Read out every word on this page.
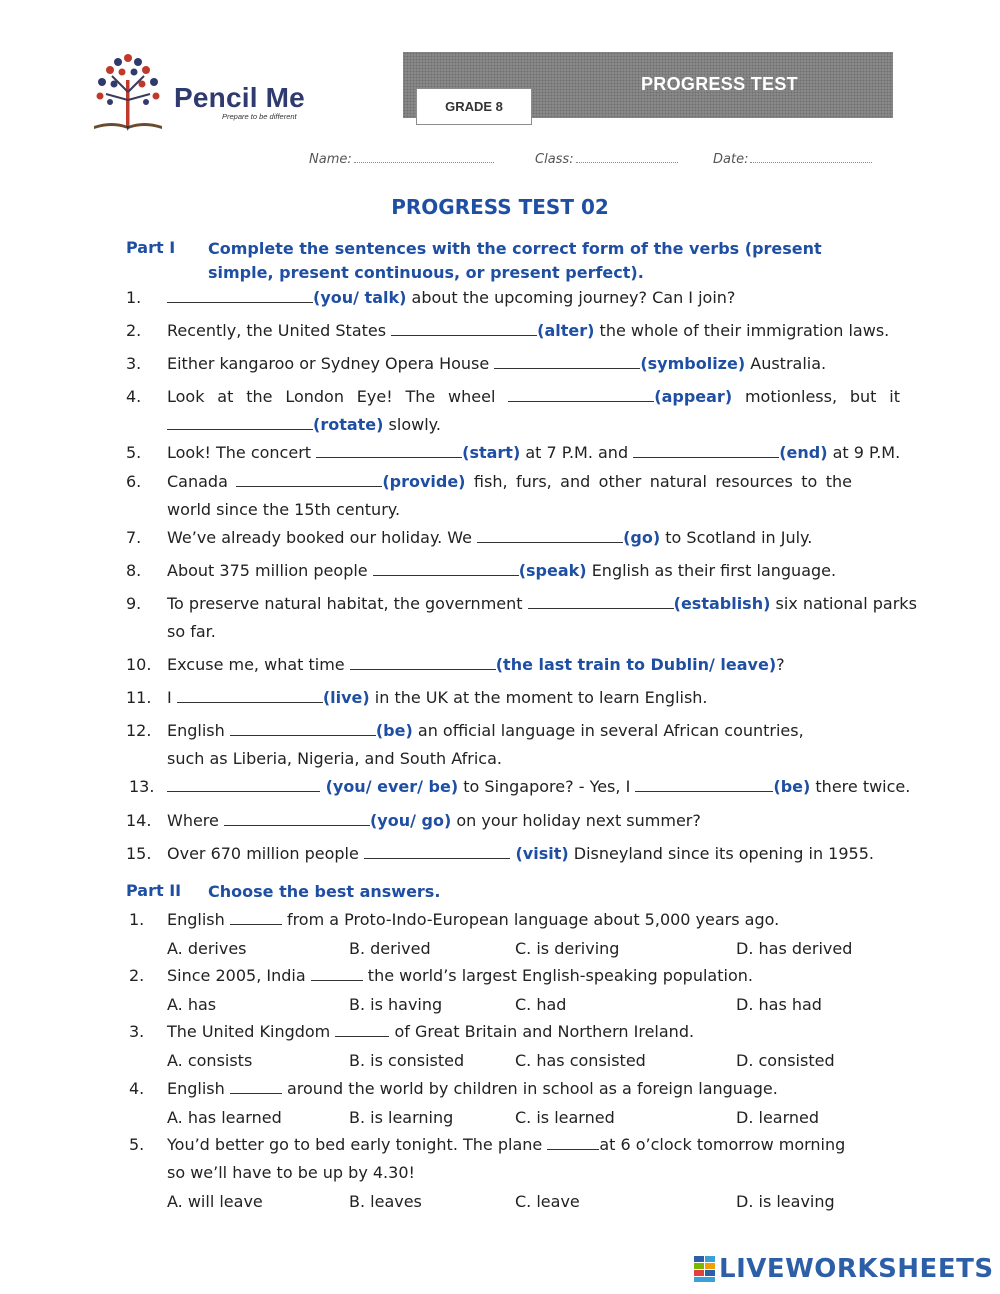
Pencil Me
Prepare to be different
PROGRESS TEST
GRADE 8
Name:	Class:	Date:
PROGRESS TEST 02
Part I Complete the sentences with the correct form of the verbs (present simple, present continuous, or present perfect).
1.	(you/ talk) about the upcoming journey? Can I join?
2.	Recently, the United States	(alter) the whole of their immigration laws.
3.	Either kangaroo or Sydney Opera House	(symbolize) Australia.
4.	Look at the London Eye! The wheel	(appear) motionless, but it
(rotate) slowly.
5.	Look! The concert	(start) at 7 P.M. and	(end) at 9 P.M.
6.	Canada	(provide) fish, furs, and other natural resources to the
world since the 15th century.
7.	We’ve already booked our holiday. We	(go) to Scotland in July.
8.	About 375 million people	(speak) English as their first language.
9.	To preserve natural habitat, the government	(establish) six national parks
so far.
10. Excuse me, what time	(the last train to Dublin/ leave)?
11. I	(live) in the UK at the moment to learn English.
12. English	(be) an official language in several African countries,
such as Liberia, Nigeria, and South Africa.
13.	(you/ ever/ be) to Singapore? - Yes, I	(be) there twice.
14. Where	(you/ go) on your holiday next summer?
15. Over 670 million people	(visit) Disneyland since its opening in 1955.
Part II Choose the best answers.
1.	English	from a Proto-Indo-European language about 5,000 years ago.
A. derives	B. derived	C. is deriving	D. has derived
2.	Since 2005, India	the world’s largest English-speaking population.
A. has	B. is having	C. had	D. has had
3.	The United Kingdom	of Great Britain and Northern Ireland.
A. consists	B. is consisted	C. has consisted	D. consisted
4.	English	around the world by children in school as a foreign language.
A. has learned	B. is learning	C. is learned	D. learned
5.	You’d better go to bed early tonight. The plane	at 6 o’clock tomorrow morning
so we’ll have to be up by 4.30!
A. will leave	B. leaves	C. leave	D. is leaving
LIVEWORKSHEETS
